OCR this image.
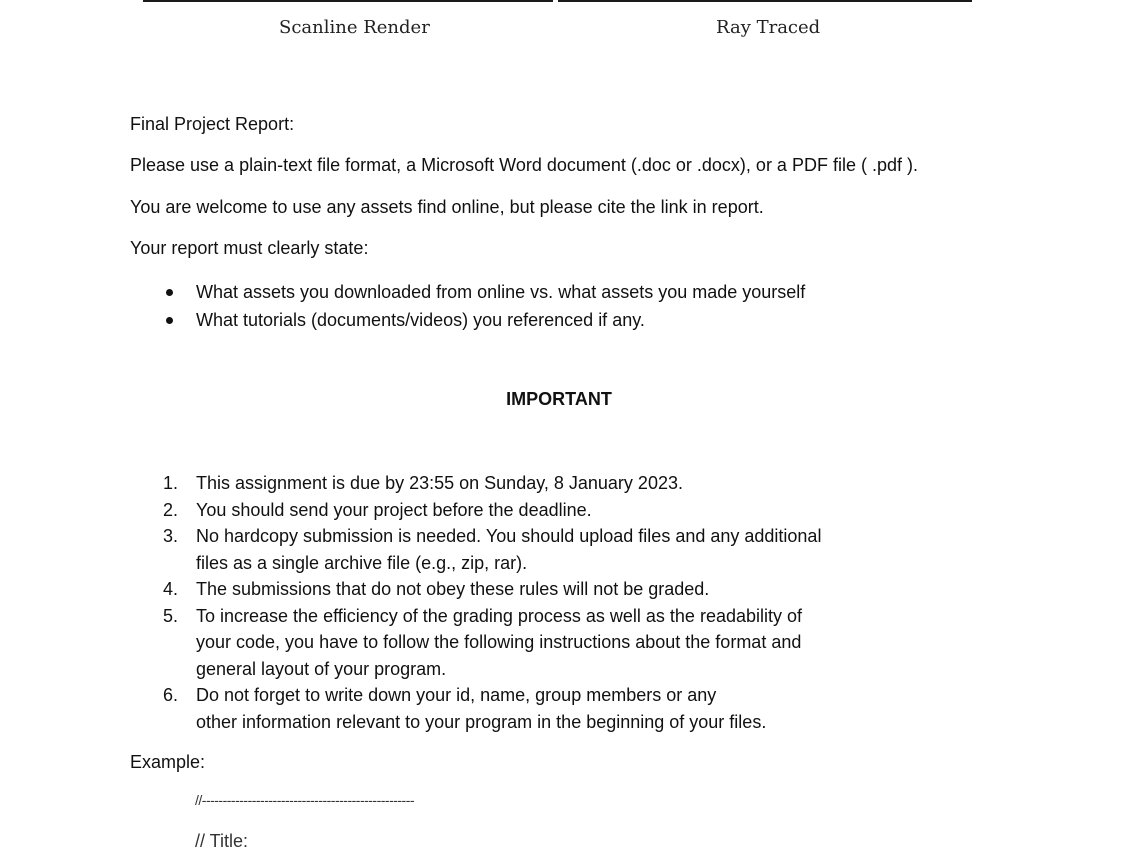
Scanline Render	Ray Traced
Final Project Report:
Please use a plain-text file format, a Microsoft Word document (.doc or .docx), or a PDF file ( .pdf ).
You are welcome to use any assets find online, but please cite the link in report.
Your report must clearly state:
What assets you downloaded from online vs. what assets you made yourself
What tutorials (documents/videos) you referenced if any.
IMPORTANT
1. This assignment is due by 23:55 on Sunday, 8 January 2023.
2. You should send your project before the deadline.
3. No hardcopy submission is needed. You should upload files and any additional
files as a single archive file (e.g., zip, rar).
4. The submissions that do not obey these rules will not be graded.
5. To increase the efficiency of the grading process as well as the readability of
your code, you have to follow the following instructions about the format and
general layout of your program.
6. Do not forget to write down your id, name, group members or any
other information relevant to your program in the beginning of your files.
Example:
//---------------------------------------------------
// Title:
